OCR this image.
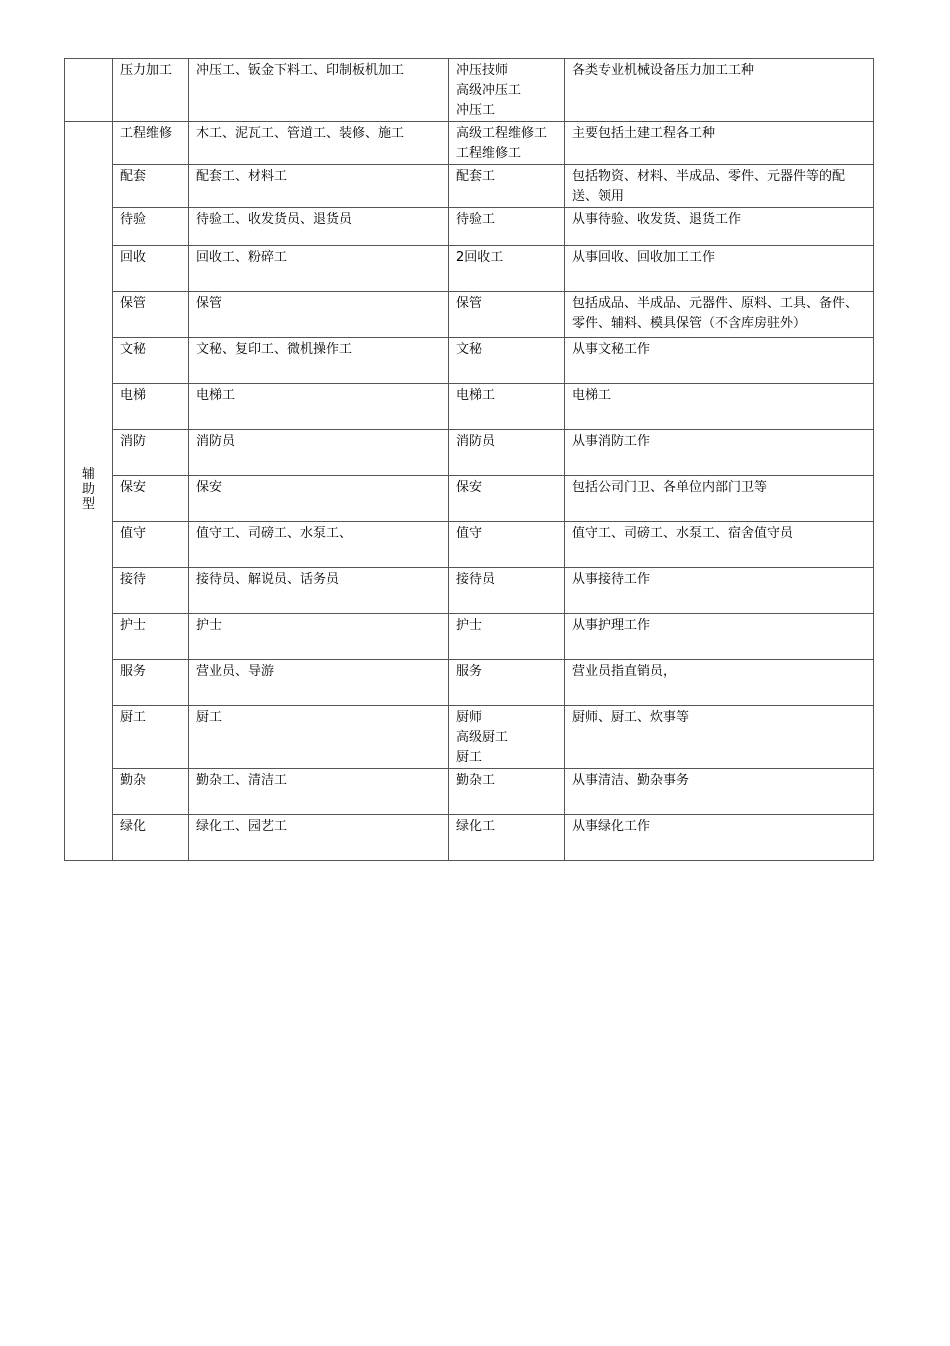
	压力加工	冲压工、钣金下料工、印制板机加工	冲压技师
高级冲压工
冲压工	各类专业机械设备压力加工工种
辅助型	工程维修	木工、泥瓦工、管道工、装修、施工	高级工程维修工
工程维修工	主要包括土建工程各工种
	配套	配套工、材料工	配套工	包括物资、材料、半成品、零件、元器件等的配送、领用
	待验	待验工、收发货员、退货员	待验工	从事待验、收发货、退货工作
	回收	回收工、粉碎工	2回收工	从事回收、回收加工工作
	保管	保管	保管	包括成品、半成品、元器件、原料、工具、备件、零件、辅料、模具保管（不含库房驻外）
	文秘	文秘、复印工、微机操作工	文秘	从事文秘工作
	电梯	电梯工	电梯工	电梯工
	消防	消防员	消防员	从事消防工作
	保安	保安	保安	包括公司门卫、各单位内部门卫等
	值守	值守工、司磅工、水泵工、	值守	值守工、司磅工、水泵工、宿舍值守员
	接待	接待员、解说员、话务员	接待员	从事接待工作
	护士	护士	护士	从事护理工作
	服务	营业员、导游	服务	营业员指直销员，
	厨工	厨工	厨师
高级厨工
厨工	厨师、厨工、炊事等
	勤杂	勤杂工、清洁工	勤杂工	从事清洁、勤杂事务
	绿化	绿化工、园艺工	绿化工	从事绿化工作
